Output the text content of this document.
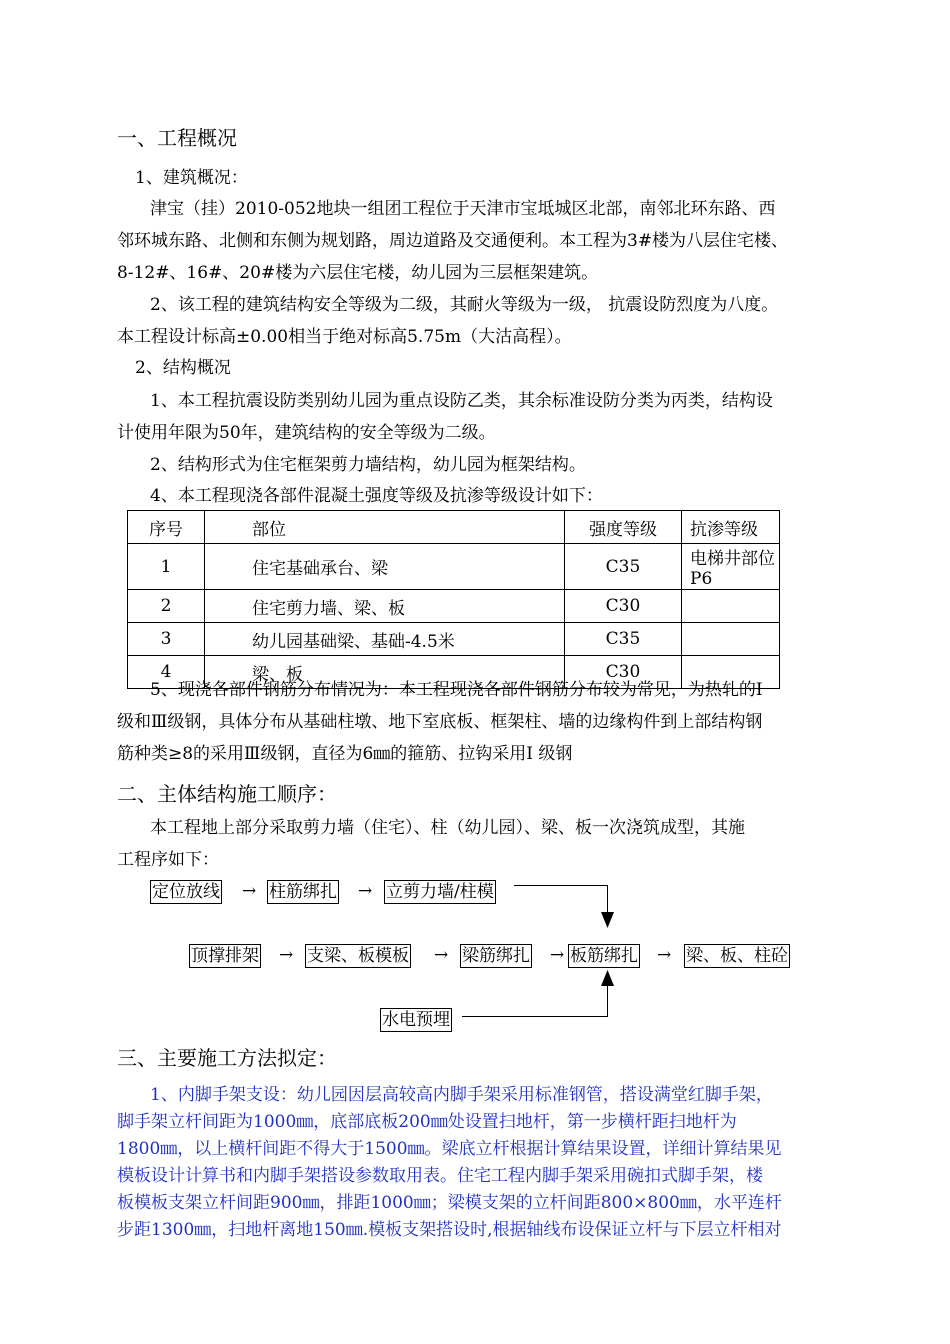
一、工程概况
1、建筑概况：
津宝（挂）2010-052地块一组团工程位于天津市宝坻城区北部，南邻北环东路、西
邻环城东路、北侧和东侧为规划路，周边道路及交通便利。本工程为3#楼为八层住宅楼、
8-12#、16#、20#楼为六层住宅楼，幼儿园为三层框架建筑。
2、该工程的建筑结构安全等级为二级，其耐火等级为一级， 抗震设防烈度为八度。
本工程设计标高±0.00相当于绝对标高5.75m（大沽高程）。
2、结构概况
1、本工程抗震设防类别幼儿园为重点设防乙类，其余标准设防分类为丙类，结构设
计使用年限为50年，建筑结构的安全等级为二级。
2、结构形式为住宅框架剪力墙结构，幼儿园为框架结构。
4、本工程现浇各部件混凝土强度等级及抗渗等级设计如下：
序号	部位	强度等级	抗渗等级
1	住宅基础承台、梁	C35	电梯井部位P6
2	住宅剪力墙、梁、板	C30	
3	幼儿园基础梁、基础-4.5米	C35	
4	梁、板	C30	
5、现浇各部件钢筋分布情况为：本工程现浇各部件钢筋分布较为常见，为热轧的Ⅰ
级和Ⅲ级钢，具体分布从基础柱墩、地下室底板、框架柱、墙的边缘构件到上部结构钢
筋种类≥8的采用Ⅲ级钢，直径为6㎜的箍筋、拉钩采用Ⅰ 级钢
二、主体结构施工顺序：
本工程地上部分采取剪力墙（住宅）、柱（幼儿园）、梁、板一次浇筑成型，其施
工程序如下：
定位放线 → 柱筋绑扎 → 立剪力墙/柱模
顶撑排架 → 支梁、板模板 → 梁筋绑扎 → 板筋绑扎 → 梁、板、柱砼
水电预埋
三、主要施工方法拟定：
1、内脚手架支设：幼儿园因层高较高内脚手架采用标准钢管，搭设满堂红脚手架，
脚手架立杆间距为1000㎜，底部底板200㎜处设置扫地杆，第一步横杆距扫地杆为
1800㎜，以上横杆间距不得大于1500㎜。梁底立杆根据计算结果设置，详细计算结果见
模板设计计算书和内脚手架搭设参数取用表。住宅工程内脚手架采用碗扣式脚手架，楼
板模板支架立杆间距900㎜，排距1000㎜；梁模支架的立杆间距800×800㎜，水平连杆
步距1300㎜，扫地杆离地150㎜.模板支架搭设时,根据轴线布设保证立杆与下层立杆相对
